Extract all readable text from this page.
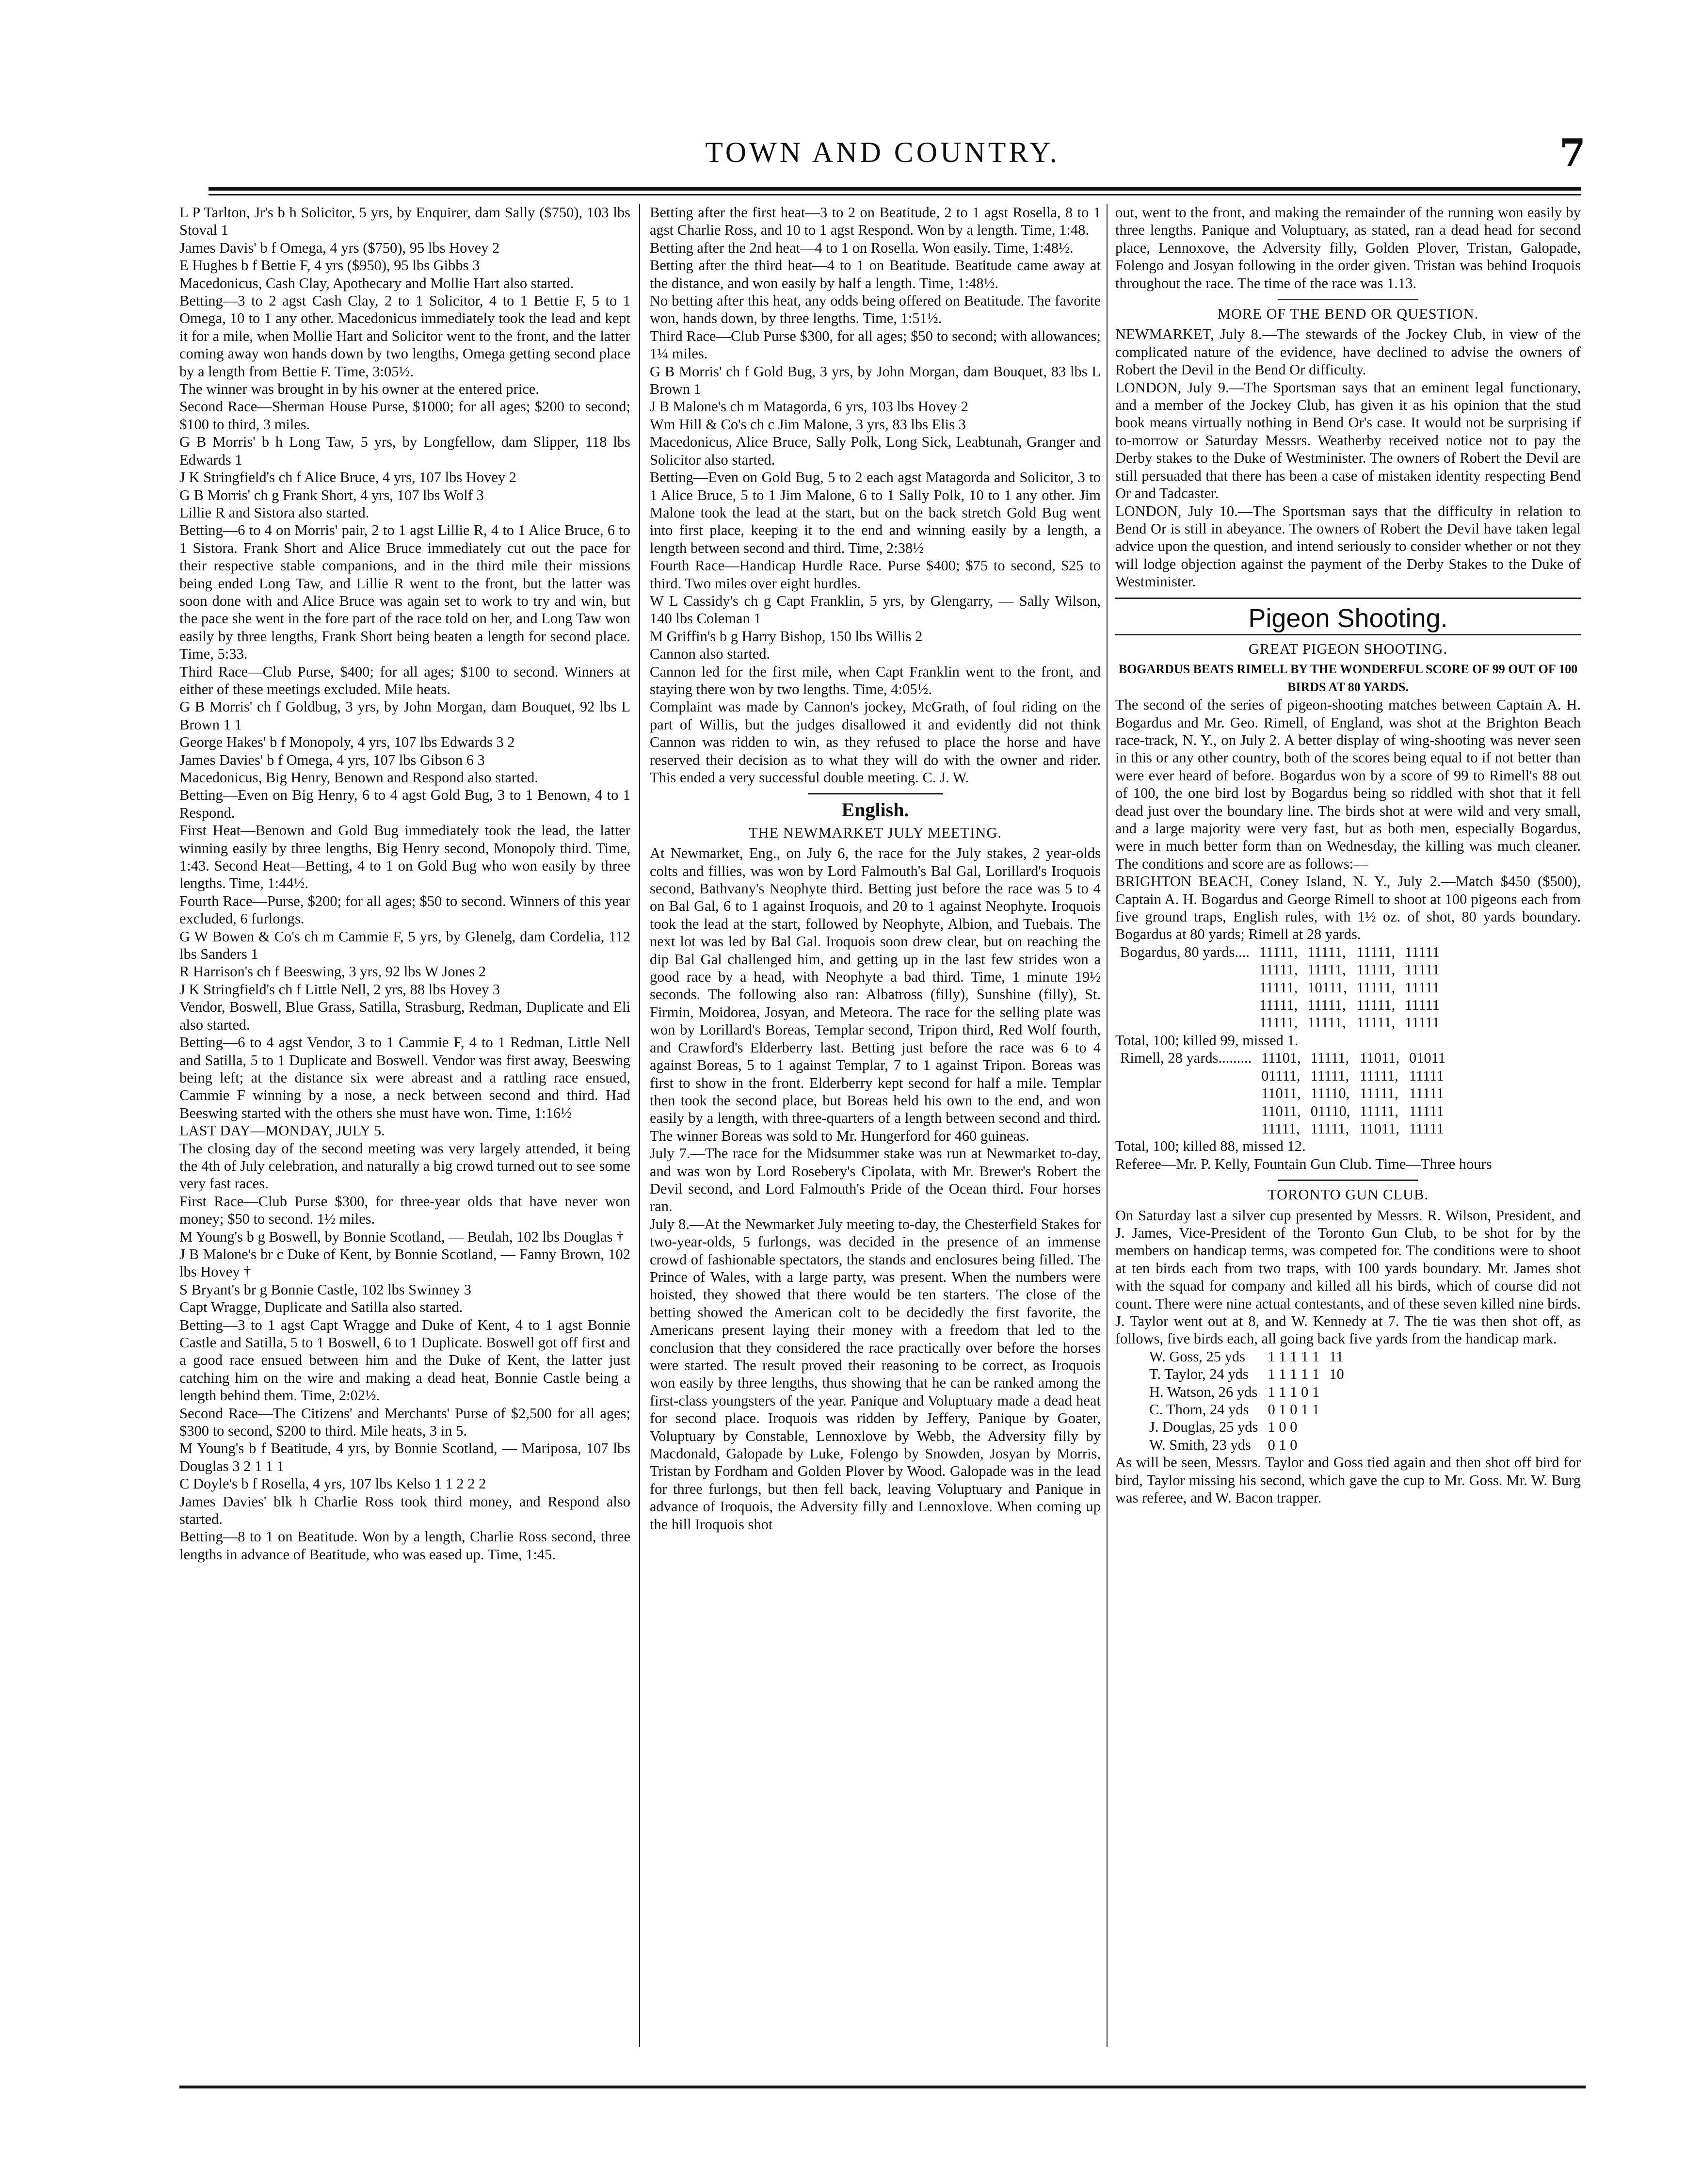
TOWN AND COUNTRY.	7

L P Tarlton, Jr's b h Solicitor, 5 yrs, by Enquirer, dam Sally ($750), 103 lbs Stoval 1

James Davis' b f Omega, 4 yrs ($750), 95 lbs Hovey 2

E Hughes b f Bettie F, 4 yrs ($950), 95 lbs Gibbs 3

Macedonicus, Cash Clay, Apothecary and Mollie Hart also started.

Betting—3 to 2 agst Cash Clay, 2 to 1 Solicitor, 4 to 1 Bettie F, 5 to 1 Omega, 10 to 1 any other. Macedonicus immediately took the lead and kept it for a mile, when Mollie Hart and Solicitor went to the front, and the latter coming away won hands down by two lengths, Omega getting second place by a length from Bettie F. Time, 3:05½.

The winner was brought in by his owner at the entered price.

Second Race—Sherman House Purse, $1000; for all ages; $200 to second; $100 to third, 3 miles.

G B Morris' b h Long Taw, 5 yrs, by Longfellow, dam Slipper, 118 lbs Edwards 1

J K Stringfield's ch f Alice Bruce, 4 yrs, 107 lbs Hovey 2

G B Morris' ch g Frank Short, 4 yrs, 107 lbs Wolf 3

Lillie R and Sistora also started.

Betting—6 to 4 on Morris' pair, 2 to 1 agst Lillie R, 4 to 1 Alice Bruce, 6 to 1 Sistora. Frank Short and Alice Bruce immediately cut out the pace for their respective stable companions, and in the third mile their missions being ended Long Taw, and Lillie R went to the front, but the latter was soon done with and Alice Bruce was again set to work to try and win, but the pace she went in the fore part of the race told on her, and Long Taw won easily by three lengths, Frank Short being beaten a length for second place. Time, 5:33.

Third Race—Club Purse, $400; for all ages; $100 to second. Winners at either of these meetings excluded. Mile heats.

G B Morris' ch f Goldbug, 3 yrs, by John Morgan, dam Bouquet, 92 lbs L Brown 1 1

George Hakes' b f Monopoly, 4 yrs, 107 lbs Edwards 3 2

James Davies' b f Omega, 4 yrs, 107 lbs Gibson 6 3

Macedonicus, Big Henry, Benown and Respond also started.

Betting—Even on Big Henry, 6 to 4 agst Gold Bug, 3 to 1 Benown, 4 to 1 Respond.

First Heat—Benown and Gold Bug immediately took the lead, the latter winning easily by three lengths, Big Henry second, Monopoly third. Time, 1:43. Second Heat—Betting, 4 to 1 on Gold Bug who won easily by three lengths. Time, 1:44½.

Fourth Race—Purse, $200; for all ages; $50 to second. Winners of this year excluded, 6 furlongs.

G W Bowen & Co's ch m Cammie F, 5 yrs, by Glenelg, dam Cordelia, 112 lbs Sanders 1

R Harrison's ch f Beeswing, 3 yrs, 92 lbs W Jones 2

J K Stringfield's ch f Little Nell, 2 yrs, 88 lbs Hovey 3

Vendor, Boswell, Blue Grass, Satilla, Strasburg, Redman, Duplicate and Eli also started.

Betting—6 to 4 agst Vendor, 3 to 1 Cammie F, 4 to 1 Redman, Little Nell and Satilla, 5 to 1 Duplicate and Boswell. Vendor was first away, Beeswing being left; at the distance six were abreast and a rattling race ensued, Cammie F winning by a nose, a neck between second and third. Had Beeswing started with the others she must have won. Time, 1:16½

LAST DAY—MONDAY, JULY 5.

The closing day of the second meeting was very largely attended, it being the 4th of July celebration, and naturally a big crowd turned out to see some very fast races.

First Race—Club Purse $300, for three-year olds that have never won money; $50 to second. 1½ miles.

M Young's b g Boswell, by Bonnie Scotland, — Beulah, 102 lbs Douglas †

J B Malone's br c Duke of Kent, by Bonnie Scotland, — Fanny Brown, 102 lbs Hovey †

S Bryant's br g Bonnie Castle, 102 lbs Swinney 3

Capt Wragge, Duplicate and Satilla also started.

Betting—3 to 1 agst Capt Wragge and Duke of Kent, 4 to 1 agst Bonnie Castle and Satilla, 5 to 1 Boswell, 6 to 1 Duplicate. Boswell got off first and a good race ensued between him and the Duke of Kent, the latter just catching him on the wire and making a dead heat, Bonnie Castle being a length behind them. Time, 2:02½.

Second Race—The Citizens' and Merchants' Purse of $2,500 for all ages; $300 to second, $200 to third. Mile heats, 3 in 5.

M Young's b f Beatitude, 4 yrs, by Bonnie Scotland, — Mariposa, 107 lbs Douglas 3 2 1 1 1

C Doyle's b f Rosella, 4 yrs, 107 lbs Kelso 1 1 2 2 2

James Davies' blk h Charlie Ross took third money, and Respond also started.

Betting—8 to 1 on Beatitude. Won by a length, Charlie Ross second, three lengths in advance of Beatitude, who was eased up. Time, 1:45.

Betting after the first heat—3 to 2 on Beatitude, 2 to 1 agst Rosella, 8 to 1 agst Charlie Ross, and 10 to 1 agst Respond. Won by a length. Time, 1:48.

Betting after the 2nd heat—4 to 1 on Rosella. Won easily. Time, 1:48½.

Betting after the third heat—4 to 1 on Beatitude. Beatitude came away at the distance, and won easily by half a length. Time, 1:48½.

No betting after this heat, any odds being offered on Beatitude. The favorite won, hands down, by three lengths. Time, 1:51½.

Third Race—Club Purse $300, for all ages; $50 to second; with allowances; 1¼ miles.

G B Morris' ch f Gold Bug, 3 yrs, by John Morgan, dam Bouquet, 83 lbs L Brown 1

J B Malone's ch m Matagorda, 6 yrs, 103 lbs Hovey 2

Wm Hill & Co's ch c Jim Malone, 3 yrs, 83 lbs Elis 3

Macedonicus, Alice Bruce, Sally Polk, Long Sick, Leabtunah, Granger and Solicitor also started.

Betting—Even on Gold Bug, 5 to 2 each agst Matagorda and Solicitor, 3 to 1 Alice Bruce, 5 to 1 Jim Malone, 6 to 1 Sally Polk, 10 to 1 any other. Jim Malone took the lead at the start, but on the back stretch Gold Bug went into first place, keeping it to the end and winning easily by a length, a length between second and third. Time, 2:38½

Fourth Race—Handicap Hurdle Race. Purse $400; $75 to second, $25 to third. Two miles over eight hurdles.

W L Cassidy's ch g Capt Franklin, 5 yrs, by Glengarry, — Sally Wilson, 140 lbs Coleman 1

M Griffin's b g Harry Bishop, 150 lbs Willis 2

Cannon also started.

Cannon led for the first mile, when Capt Franklin went to the front, and staying there won by two lengths. Time, 4:05½.

Complaint was made by Cannon's jockey, McGrath, of foul riding on the part of Willis, but the judges disallowed it and evidently did not think Cannon was ridden to win, as they refused to place the horse and have reserved their decision as to what they will do with the owner and rider. This ended a very successful double meeting. C. J. W.

English.

THE NEWMARKET JULY MEETING.

At Newmarket, Eng., on July 6, the race for the July stakes, 2 year-olds colts and fillies, was won by Lord Falmouth's Bal Gal, Lorillard's Iroquois second, Bathvany's Neophyte third. Betting just before the race was 5 to 4 on Bal Gal, 6 to 1 against Iroquois, and 20 to 1 against Neophyte. Iroquois took the lead at the start, followed by Neophyte, Albion, and Tuebais. The next lot was led by Bal Gal. Iroquois soon drew clear, but on reaching the dip Bal Gal challenged him, and getting up in the last few strides won a good race by a head, with Neophyte a bad third. Time, 1 minute 19½ seconds. The following also ran: Albatross (filly), Sunshine (filly), St. Firmin, Moidorea, Josyan, and Meteora. The race for the selling plate was won by Lorillard's Boreas, Templar second, Tripon third, Red Wolf fourth, and Crawford's Elderberry last. Betting just before the race was 6 to 4 against Boreas, 5 to 1 against Templar, 7 to 1 against Tripon. Boreas was first to show in the front. Elderberry kept second for half a mile. Templar then took the second place, but Boreas held his own to the end, and won easily by a length, with three-quarters of a length between second and third. The winner Boreas was sold to Mr. Hungerford for 460 guineas.

July 7.—The race for the Midsummer stake was run at Newmarket to-day, and was won by Lord Rosebery's Cipolata, with Mr. Brewer's Robert the Devil second, and Lord Falmouth's Pride of the Ocean third. Four horses ran.

July 8.—At the Newmarket July meeting to-day, the Chesterfield Stakes for two-year-olds, 5 furlongs, was decided in the presence of an immense crowd of fashionable spectators, the stands and enclosures being filled. The Prince of Wales, with a large party, was present. When the numbers were hoisted, they showed that there would be ten starters. The close of the betting showed the American colt to be decidedly the first favorite, the Americans present laying their money with a freedom that led to the conclusion that they considered the race practically over before the horses were started. The result proved their reasoning to be correct, as Iroquois won easily by three lengths, thus showing that he can be ranked among the first-class youngsters of the year. Panique and Voluptuary made a dead heat for second place. Iroquois was ridden by Jeffery, Panique by Goater, Voluptuary by Constable, Lennoxlove by Webb, the Adversity filly by Macdonald, Galopade by Luke, Folengo by Snowden, Josyan by Morris, Tristan by Fordham and Golden Plover by Wood. Galopade was in the lead for three furlongs, but then fell back, leaving Voluptuary and Panique in advance of Iroquois, the Adversity filly and Lennoxlove. When coming up the hill Iroquois shot

out, went to the front, and making the remainder of the running won easily by three lengths. Panique and Voluptuary, as stated, ran a dead head for second place, Lennoxove, the Adversity filly, Golden Plover, Tristan, Galopade, Folengo and Josyan following in the order given. Tristan was behind Iroquois throughout the race. The time of the race was 1.13.

MORE OF THE BEND OR QUESTION.

NEWMARKET, July 8.—The stewards of the Jockey Club, in view of the complicated nature of the evidence, have declined to advise the owners of Robert the Devil in the Bend Or difficulty.

LONDON, July 9.—The Sportsman says that an eminent legal functionary, and a member of the Jockey Club, has given it as his opinion that the stud book means virtually nothing in Bend Or's case. It would not be surprising if to-morrow or Saturday Messrs. Weatherby received notice not to pay the Derby stakes to the Duke of Westminister. The owners of Robert the Devil are still persuaded that there has been a case of mistaken identity respecting Bend Or and Tadcaster.

LONDON, July 10.—The Sportsman says that the difficulty in relation to Bend Or is still in abeyance. The owners of Robert the Devil have taken legal advice upon the question, and intend seriously to consider whether or not they will lodge objection against the payment of the Derby Stakes to the Duke of Westminister.

Pigeon Shooting.

GREAT PIGEON SHOOTING.

BOGARDUS BEATS RIMELL BY THE WONDERFUL SCORE OF 99 OUT OF 100 BIRDS AT 80 YARDS.

The second of the series of pigeon-shooting matches between Captain A. H. Bogardus and Mr. Geo. Rimell, of England, was shot at the Brighton Beach race-track, N. Y., on July 2. A better display of wing-shooting was never seen in this or any other country, both of the scores being equal to if not better than were ever heard of before. Bogardus won by a score of 99 to Rimell's 88 out of 100, the one bird lost by Bogardus being so riddled with shot that it fell dead just over the boundary line. The birds shot at were wild and very small, and a large majority were very fast, but as both men, especially Bogardus, were in much better form than on Wednesday, the killing was much cleaner. The conditions and score are as follows:—

BRIGHTON BEACH, Coney Island, N. Y., July 2.—Match $450 ($500), Captain A. H. Bogardus and George Rimell to shoot at 100 pigeons each from five ground traps, English rules, with 1½ oz. of shot, 80 yards boundary. Bogardus at 80 yards; Rimell at 28 yards.

Bogardus, 80 yards....	11111,	11111,	11111,	11111
	11111,	11111,	11111,	11111
	11111,	10111,	11111,	11111
	11111,	11111,	11111,	11111
	11111,	11111,	11111,	11111

Total, 100; killed 99, missed 1.

Rimell, 28 yards.........	11101,	11111,	11011,	01011
	01111,	11111,	11111,	11111
	11011,	11110,	11111,	11111
	11011,	01110,	11111,	11111
	11111,	11111,	11011,	11111

Total, 100; killed 88, missed 12.

Referee—Mr. P. Kelly, Fountain Gun Club. Time—Three hours

TORONTO GUN CLUB.

On Saturday last a silver cup presented by Messrs. R. Wilson, President, and J. James, Vice-President of the Toronto Gun Club, to be shot for by the members on handicap terms, was competed for. The conditions were to shoot at ten birds each from two traps, with 100 yards boundary. Mr. James shot with the squad for company and killed all his birds, which of course did not count. There were nine actual contestants, and of these seven killed nine birds. J. Taylor went out at 8, and W. Kennedy at 7. The tie was then shot off, as follows, five birds each, all going back five yards from the handicap mark.

W. Goss, 25 yds	1 1 1 1 1	11
T. Taylor, 24 yds	1 1 1 1 1	10
H. Watson, 26 yds	1 1 1 0 1	
C. Thorn, 24 yds	0 1 0 1 1	
J. Douglas, 25 yds	1 0 0	
W. Smith, 23 yds	0 1 0	

As will be seen, Messrs. Taylor and Goss tied again and then shot off bird for bird, Taylor missing his second, which gave the cup to Mr. Goss. Mr. W. Burg was referee, and W. Bacon trapper.
